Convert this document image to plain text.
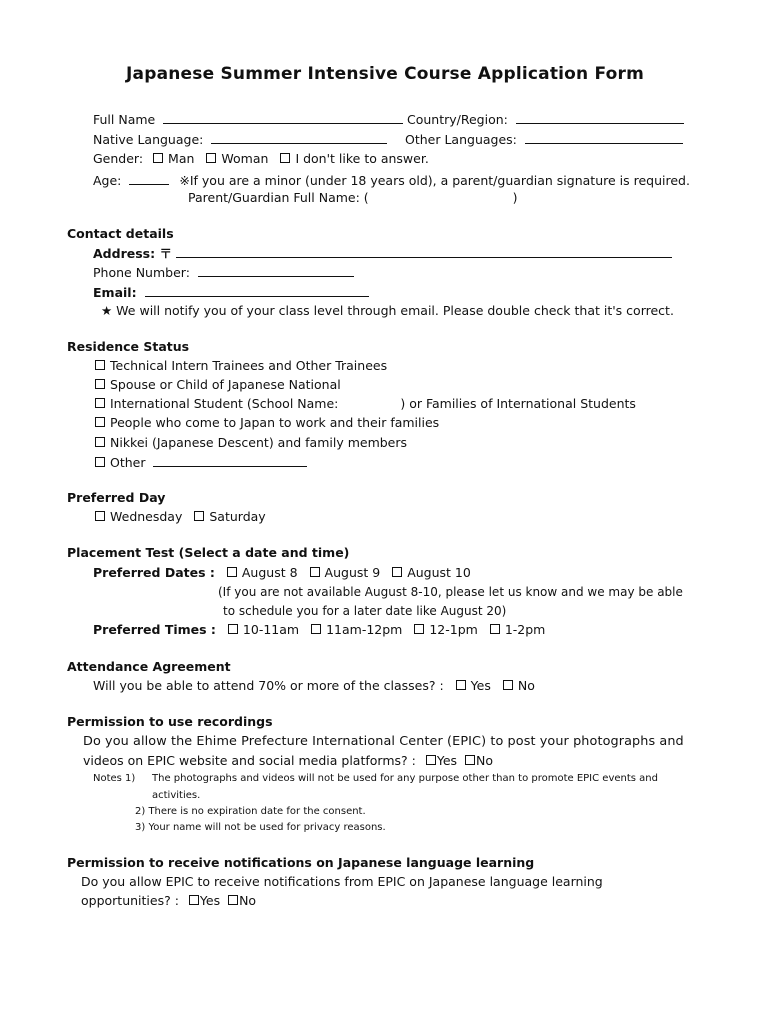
Japanese Summer Intensive Course Application Form
Full Name	Country/Region:
Native Language:	Other Languages:
Gender: Man Woman I don't like to answer.
Age:	※If you are a minor (under 18 years old), a parent/guardian signature is required.
Parent/Guardian Full Name: (	)
Contact details
Address: 〒
Phone Number:
Email:
★ We will notify you of your class level through email. Please double check that it's correct.
Residence Status
Technical Intern Trainees and Other Trainees
Spouse or Child of Japanese National
International Student (School Name:	) or Families of International Students
People who come to Japan to work and their families
Nikkei (Japanese Descent) and family members
Other
Preferred Day
Wednesday Saturday
Placement Test (Select a date and time)
Preferred Dates : August 8 August 9 August 10
(If you are not available August 8-10, please let us know and we may be able
to schedule you for a later date like August 20)
Preferred Times : 10-11am 11am-12pm 12-1pm 1-2pm
Attendance Agreement
Will you be able to attend 70% or more of the classes? : Yes No
Permission to use recordings
Do you allow the Ehime Prefecture International Center (EPIC) to post your photographs and
videos on EPIC website and social media platforms? : Yes No
Notes 1) The photographs and videos will not be used for any purpose other than to promote EPIC events and
activities.
2) There is no expiration date for the consent.
3) Your name will not be used for privacy reasons.
Permission to receive notifications on Japanese language learning
Do you allow EPIC to receive notifications from EPIC on Japanese language learning
opportunities? : Yes No
